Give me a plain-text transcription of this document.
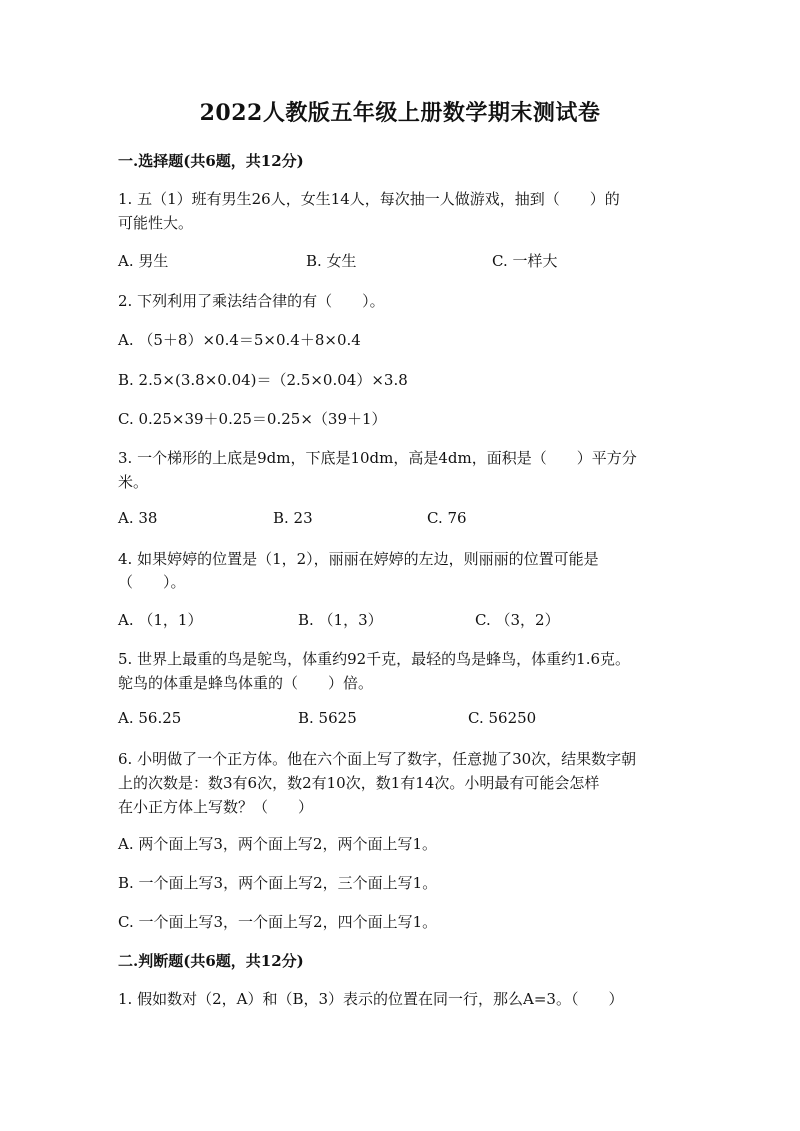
2022人教版五年级上册数学期末测试卷
一.选择题(共6题，共12分)
1. 五（1）班有男生26人，女生14人，每次抽一人做游戏，抽到（　　）的
可能性大。
A. 男生	B. 女生	C. 一样大
2. 下列利用了乘法结合律的有（　　）。
A. （5＋8）×0.4＝5×0.4＋8×0.4
B. 2.5×(3.8×0.04)＝（2.5×0.04）×3.8
C. 0.25×39＋0.25＝0.25×（39＋1）
3. 一个梯形的上底是9dm，下底是10dm，高是4dm，面积是（　　）平方分
米。
A. 38	B. 23	C. 76
4. 如果婷婷的位置是（1，2），丽丽在婷婷的左边，则丽丽的位置可能是
（　　）。
A. （1，1）	B. （1，3）	C. （3，2）
5. 世界上最重的鸟是鸵鸟，体重约92千克，最轻的鸟是蜂鸟，体重约1.6克。
鸵鸟的体重是蜂鸟体重的（　　）倍。
A. 56.25	B. 5625	C. 56250
6. 小明做了一个正方体。他在六个面上写了数字，任意抛了30次，结果数字朝
上的次数是：数3有6次，数2有10次，数1有14次。小明最有可能会怎样
在小正方体上写数？（　　）
A. 两个面上写3，两个面上写2，两个面上写1。
B. 一个面上写3，两个面上写2，三个面上写1。
C. 一个面上写3，一个面上写2，四个面上写1。
二.判断题(共6题，共12分)
1. 假如数对（2，A）和（B，3）表示的位置在同一行，那么A=3。（　　）
